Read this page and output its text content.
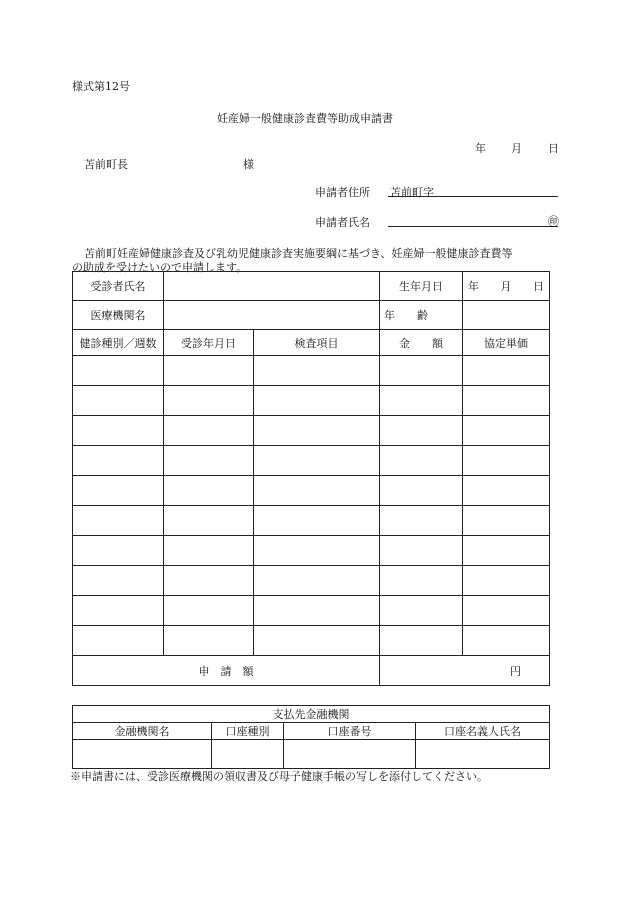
様式第12号
妊産婦一般健康診査費等助成申請書
年 月 日
苫前町長	様
申請者住所 苫前町字
申請者氏名	㊞
苫前町妊産婦健康診査及び乳幼児健康診査実施要綱に基づき、妊産婦一般健康診査費等
の助成を受けたいので申請します。
受診者氏名			生年月日	年 月 日
医療機関名			年　　齢	
健診種別／週数	受診年月日	検査項目	金　　額	協定単価

申　請　額			円	
支払先金融機関			
金融機関名	口座種別	口座番号	口座名義人氏名

※申請書には、受診医療機関の領収書及び母子健康手帳の写しを添付してください。
